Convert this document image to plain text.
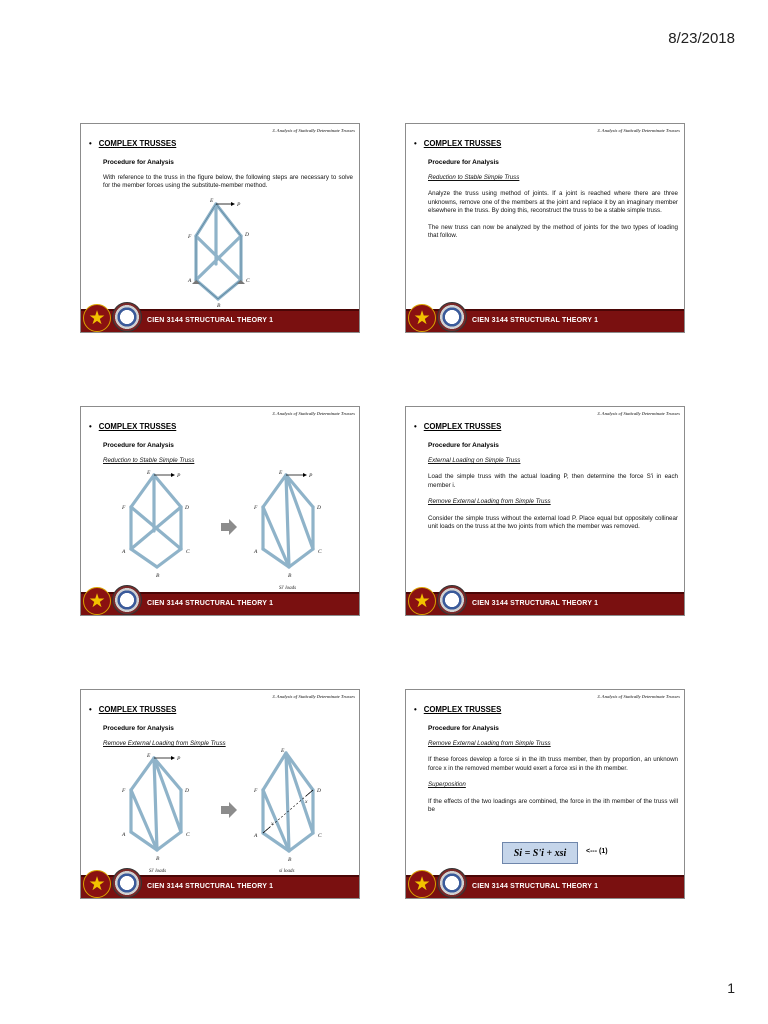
8/23/2018
3. Analysis of Statically Determinate Trusses
• COMPLEX TRUSSES
Procedure for Analysis
With reference to the truss in the figure below, the following steps are necessary to solve for the member forces using the substitute-member method.
E
P
F	D
A	C
B
★	CIEN 3144 STRUCTURAL THEORY 1
3. Analysis of Statically Determinate Trusses
• COMPLEX TRUSSES
Procedure for Analysis
Reduction to Stable Simple Truss
Analyze the truss using method of joints. If a joint is reached where there are three unknowns, remove one of the members at the joint and replace it by an imaginary member elsewhere in the truss. By doing this, reconstruct the truss to be a stable simple truss.
The new truss can now be analyzed by the method of joints for the two types of loading that follow.
★	CIEN 3144 STRUCTURAL THEORY 1
3. Analysis of Statically Determinate Trusses
• COMPLEX TRUSSES
Procedure for Analysis
Reduction to Stable Simple Truss
E	P
F	D
A	C
B
E	P
F	D
A	C
B
Si' loads
★	CIEN 3144 STRUCTURAL THEORY 1
3. Analysis of Statically Determinate Trusses
• COMPLEX TRUSSES
Procedure for Analysis
External Loading on Simple Truss
Load the simple truss with the actual loading P, then determine the force S'i in each member i.
Remove External Loading from Simple Truss
Consider the simple truss without the external load P. Place equal but oppositely collinear unit loads on the truss at the two joints from which the member was removed.
★	CIEN 3144 STRUCTURAL THEORY 1
3. Analysis of Statically Determinate Trusses
• COMPLEX TRUSSES
Procedure for Analysis
Remove External Loading from Simple Truss
E	P
F	D
A	C
B
Si' loads
E
F	D
A	C
B
x
x
si loads
★	CIEN 3144 STRUCTURAL THEORY 1
3. Analysis of Statically Determinate Trusses
• COMPLEX TRUSSES
Procedure for Analysis
Remove External Loading from Simple Truss
If these forces develop a force si in the ith truss member, then by proportion, an unknown force x in the removed member would exert a force xsi in the ith member.
Superposition
If the effects of the two loadings are combined, the force in the ith member of the truss will be
Si = S'i + xsi	<--- (1)
★	CIEN 3144 STRUCTURAL THEORY 1
1
